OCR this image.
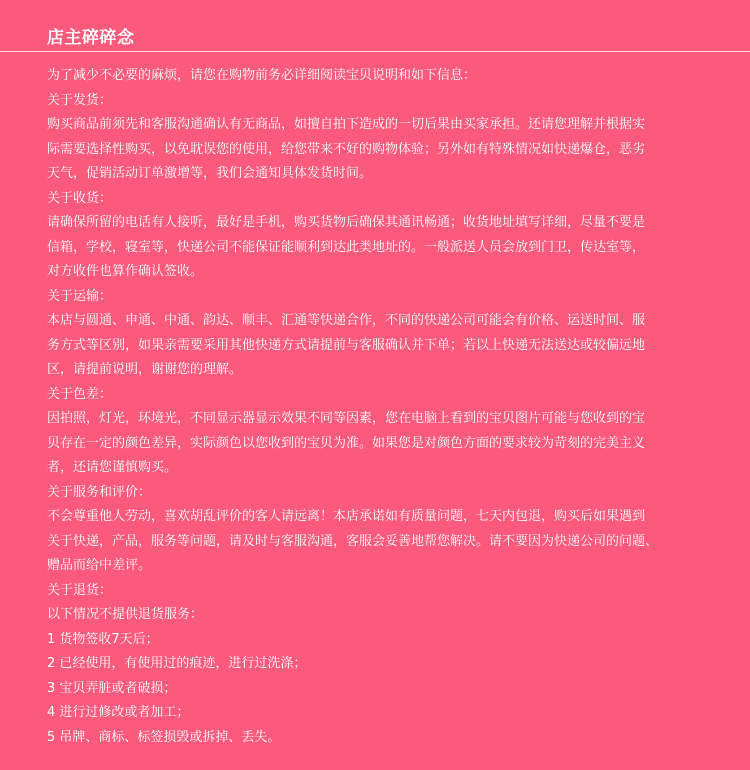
店主碎碎念
为了减少不必要的麻烦，请您在购物前务必详细阅读宝贝说明和如下信息：
关于发货：
购买商品前须先和客服沟通确认有无商品，如擅自拍下造成的一切后果由买家承担。还请您理解并根据实
际需要选择性购买，以免耽误您的使用，给您带来不好的购物体验；另外如有特殊情况如快递爆仓，恶劣
天气，促销活动订单激增等，我们会通知具体发货时间。
关于收货：
请确保所留的电话有人接听，最好是手机，购买货物后确保其通讯畅通；收货地址填写详细，尽量不要是
信箱，学校，寝室等，快递公司不能保证能顺利到达此类地址的。一般派送人员会放到门卫，传达室等，
对方收件也算作确认签收。
关于运输：
本店与圆通、申通、中通、韵达、顺丰、汇通等快递合作，不同的快递公司可能会有价格、运送时间、服
务方式等区别，如果亲需要采用其他快递方式请提前与客服确认并下单；若以上快递无法送达或较偏远地
区，请提前说明，谢谢您的理解。
关于色差：
因拍照，灯光，环境光，不同显示器显示效果不同等因素，您在电脑上看到的宝贝图片可能与您收到的宝
贝存在一定的颜色差异，实际颜色以您收到的宝贝为准。如果您是对颜色方面的要求较为苛刻的完美主义
者，还请您谨慎购买。
关于服务和评价：
不会尊重他人劳动，喜欢胡乱评价的客人请远离！本店承诺如有质量问题，七天内包退，购买后如果遇到
关于快递，产品，服务等问题，请及时与客服沟通，客服会妥善地帮您解决。请不要因为快递公司的问题、
赠品而给中差评。
关于退货：
以下情况不提供退货服务：
1 货物签收7天后；
2 已经使用，有使用过的痕迹，进行过洗涤；
3 宝贝弄脏或者破损；
4 进行过修改或者加工；
5 吊牌、商标、标签损毁或拆掉、丢失。
